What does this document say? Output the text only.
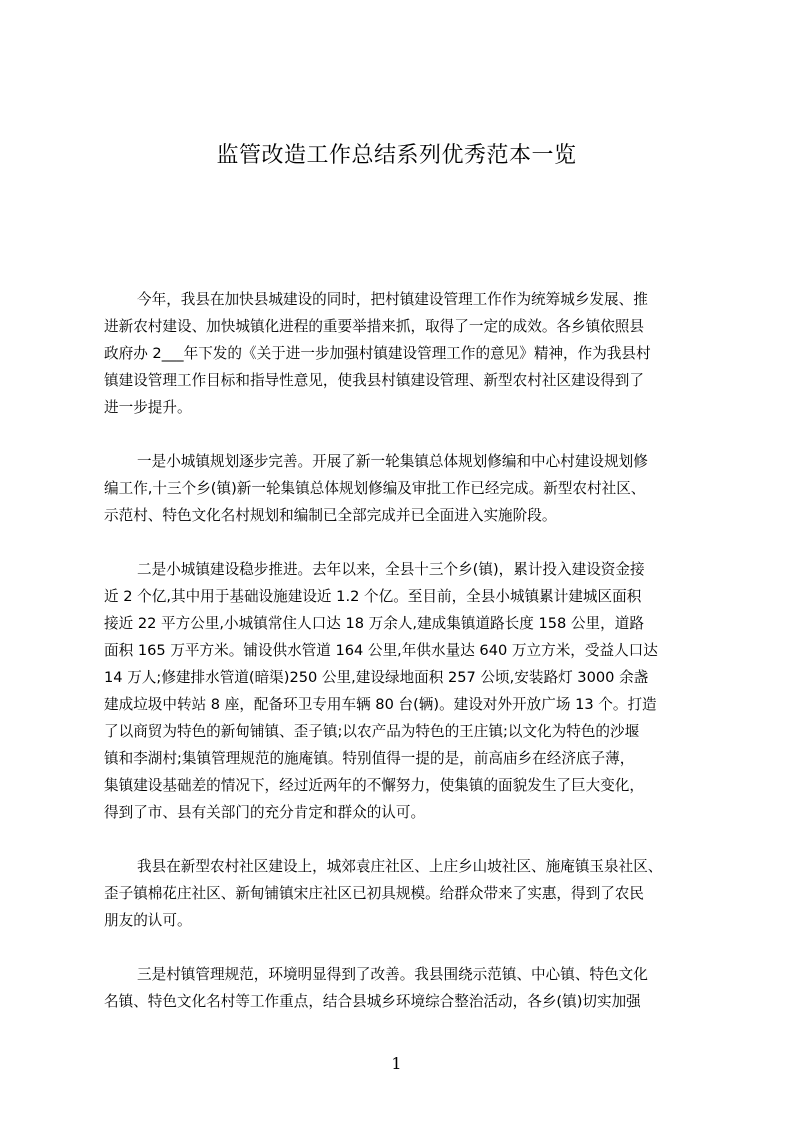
监管改造工作总结系列优秀范本一览

今年，我县在加快县城建设的同时，把村镇建设管理工作作为统筹城乡发展、推

进新农村建设、加快城镇化进程的重要举措来抓，取得了一定的成效。各乡镇依照县

政府办 2___年下发的《关于进一步加强村镇建设管理工作的意见》精神，作为我县村

镇建设管理工作目标和指导性意见，使我县村镇建设管理、新型农村社区建设得到了

进一步提升。

一是小城镇规划逐步完善。开展了新一轮集镇总体规划修编和中心村建设规划修

编工作,十三个乡(镇)新一轮集镇总体规划修编及审批工作已经完成。新型农村社区、

示范村、特色文化名村规划和编制已全部完成并已全面进入实施阶段。

二是小城镇建设稳步推进。去年以来，全县十三个乡(镇)，累计投入建设资金接

近 2 个亿,其中用于基础设施建设近 1.2 个亿。至目前，全县小城镇累计建城区面积

接近 22 平方公里,小城镇常住人口达 18 万余人,建成集镇道路长度 158 公里，道路

面积 165 万平方米。铺设供水管道 164 公里,年供水量达 640 万立方米，受益人口达

14 万人;修建排水管道(暗渠)250 公里,建设绿地面积 257 公顷,安装路灯 3000 余盏

建成垃圾中转站 8 座，配备环卫专用车辆 80 台(辆)。建设对外开放广场 13 个。打造

了以商贸为特色的新甸铺镇、歪子镇;以农产品为特色的王庄镇;以文化为特色的沙堰

镇和李湖村;集镇管理规范的施庵镇。特别值得一提的是，前高庙乡在经济底子薄，

集镇建设基础差的情况下，经过近两年的不懈努力，使集镇的面貌发生了巨大变化，

得到了市、县有关部门的充分肯定和群众的认可。

我县在新型农村社区建设上，城郊袁庄社区、上庄乡山坡社区、施庵镇玉泉社区、

歪子镇棉花庄社区、新甸铺镇宋庄社区已初具规模。给群众带来了实惠，得到了农民

朋友的认可。

三是村镇管理规范，环境明显得到了改善。我县围绕示范镇、中心镇、特色文化

名镇、特色文化名村等工作重点，结合县城乡环境综合整治活动，各乡(镇)切实加强

1
